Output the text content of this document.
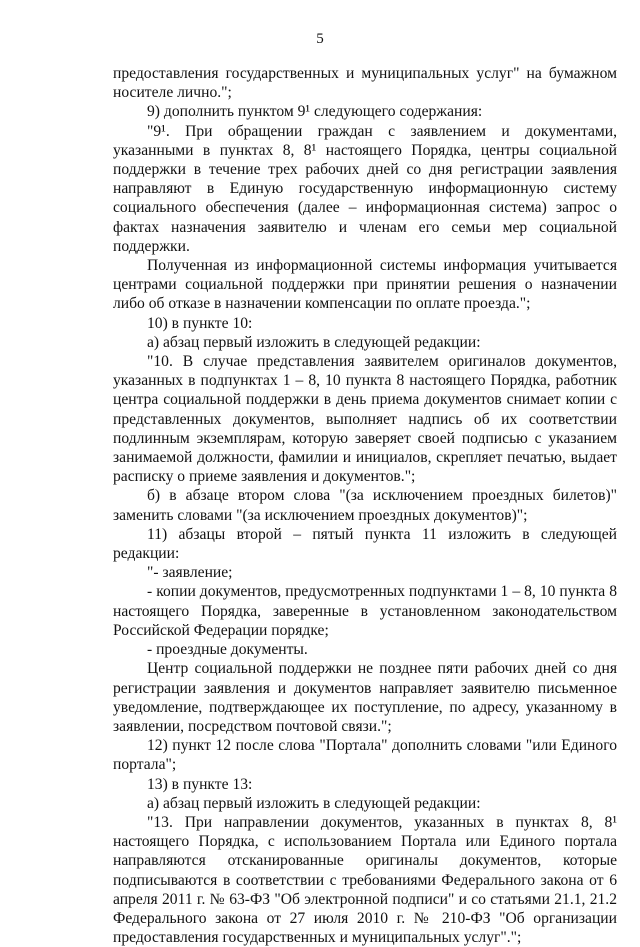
5

предоставления государственных и муниципальных услуг" на бумажном носителе лично.";

9) дополнить пунктом 9¹ следующего содержания:

"9¹. При обращении граждан с заявлением и документами, указанными в пунктах 8, 8¹ настоящего Порядка, центры социальной поддержки в течение трех рабочих дней со дня регистрации заявления направляют в Единую государственную информационную систему социального обеспечения (далее – информационная система) запрос о фактах назначения заявителю и членам его семьи мер социальной поддержки.

Полученная из информационной системы информация учитывается центрами социальной поддержки при принятии решения о назначении либо об отказе в назначении компенсации по оплате проезда.";

10) в пункте 10:

а) абзац первый изложить в следующей редакции:

"10. В случае представления заявителем оригиналов документов, указанных в подпунктах 1 – 8, 10 пункта 8 настоящего Порядка, работник центра социальной поддержки в день приема документов снимает копии с представленных документов, выполняет надпись об их соответствии подлинным экземплярам, которую заверяет своей подписью с указанием занимаемой должности, фамилии и инициалов, скрепляет печатью, выдает расписку о приеме заявления и документов.";

б) в абзаце втором слова "(за исключением проездных билетов)" заменить словами "(за исключением проездных документов)";

11) абзацы второй – пятый пункта 11 изложить в следующей редакции:

"- заявление;

- копии документов, предусмотренных подпунктами 1 – 8, 10 пункта 8 настоящего Порядка, заверенные в установленном законодательством Российской Федерации порядке;

- проездные документы.

Центр социальной поддержки не позднее пяти рабочих дней со дня регистрации заявления и документов направляет заявителю письменное уведомление, подтверждающее их поступление, по адресу, указанному в заявлении, посредством почтовой связи.";

12) пункт 12 после слова "Портала" дополнить словами "или Единого портала";

13) в пункте 13:

а) абзац первый изложить в следующей редакции:

"13. При направлении документов, указанных в пунктах 8, 8¹ настоящего Порядка, с использованием Портала или Единого портала направляются отсканированные оригиналы документов, которые подписываются в соответствии с требованиями Федерального закона от 6 апреля 2011 г. № 63-ФЗ "Об электронной подписи" и со статьями 21.1, 21.2 Федерального закона от 27 июля 2010 г. № 210-ФЗ "Об организации предоставления государственных и муниципальных услуг".";
